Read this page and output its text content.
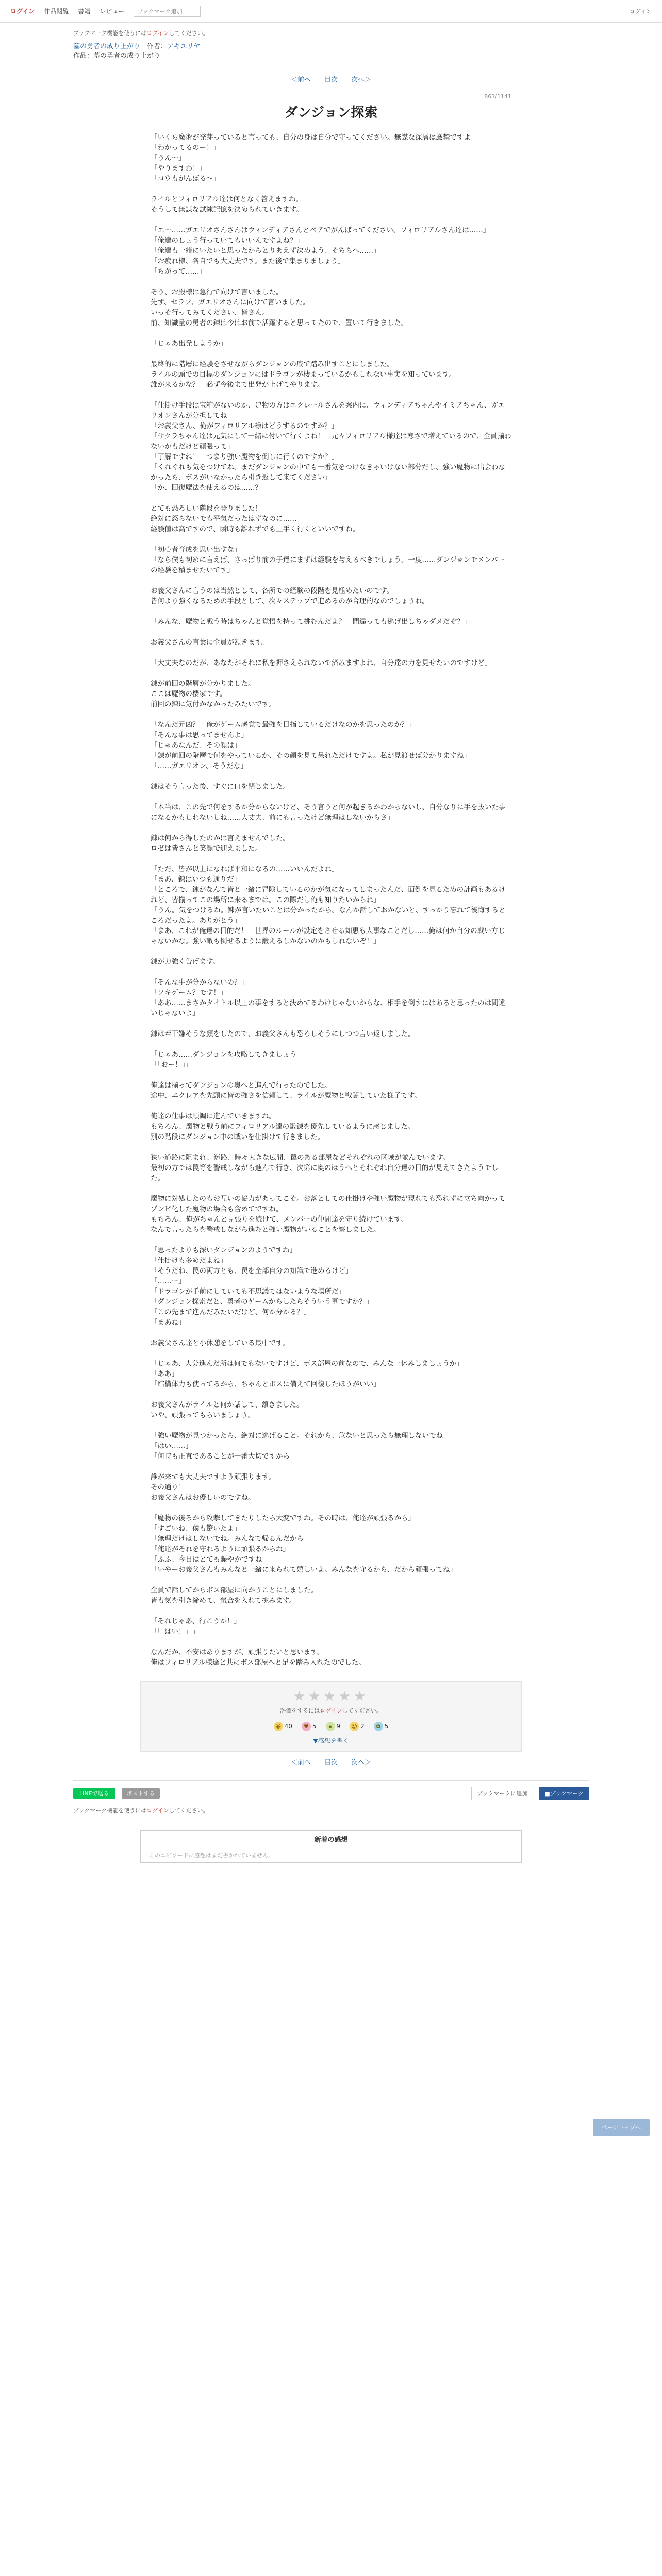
ログイン 作品閲覧 書籍 レビュー	ブックマーク追加	ログイン
ブックマーク機能を使うにはログインしてください。
墓の勇者の成り上がり　 作者：アキユリヤ
作品：墓の勇者の成り上がり
＜前へ 目次 次へ＞
861/1141
ダンジョン探索

「いくら魔術が発芽っていると言っても、自分の身は自分で守ってください。無謀な深層は厳禁ですよ」

「わかってるのー！」

「うん〜」

「やりますわ！」

「コウもがんばる〜」

ライルとフィロリアル達は何となく答えますね。

そうして無謀な試練記憶を決められていきます。

「エ〜……ガエリオさんさんはウィンディアさんとペアでがんばってください。フィロリアルさん達は……」

「俺達のしょう行っていてもいいんですよね？」

「俺達も一緒にいたいと思ったからとりあえず決めよう、そちらへ……」

「お疲れ様、各自でも大丈夫です。また後で集まりましょう」

「ちがって……」

そう、お殿様は急行で向けて言いました。

先ず、セラフ、ガエリオさんに向けて言いました。

いっそ行ってみてください、皆さん。

前、知識量の勇者の錬は今はお前で活躍すると思ってたので、置いて行きました。

「じゃあ出発しようか」

最終的に階層に経験をさせながらダンジョンの底で踏み出すことにしました。

ライルの頭での目標のダンジョンにはドラゴンが棲まっているかもしれない事実を知っています。

誰が来るかな？　必ず今後まで出発が上げてやります。

「仕掛け手段は宝箱がないのか、建物の方はエクレールさんを案内に、ウィンディアちゃんやイミアちゃん、ガエリオンさんが分担してね」

「お義父さん、俺がフィロリアル様はどうするのですか？」

「サクラちゃん達は元気にして一緒に付いて行くよね！　元々フィロリアル様達は寒さで増えているので、全員揃わないかもだけど頑張って」

「了解ですね！　つまり強い魔物を倒しに行くのですか？」

「くれぐれも気をつけてね。まだダンジョンの中でも一番気をつけなきゃいけない部分だし、強い魔物に出会わなかったら、ボスがいなかったら引き返して来てください」

「か、回復魔法を使えるのは……？」

とても恐ろしい階段を登りました！

絶対に怒らないでも平気だったはずなのに……

経験値は高ですので、瞬時も離れずでも上手く行くといいですね。

「初心者育成を思い出すな」

「なら僕も初めに言えば、さっぱり前の子達にまずは経験を与えるべきでしょう。一度……ダンジョンでメンバーの経験を積ませたいです」

お義父さんに言うのは当然として、各所での経験の段階を見極めたいのです。

皆何より強くなるための手段として、次々ステップで進めるのが合理的なのでしょうね。

「みんな、魔物と戦う時はちゃんと覚悟を持って挑むんだよ？　間違っても逃げ出しちゃダメだぞ？」

お義父さんの言葉に全員が頷きます。

「大丈夫なのだが、あなたがそれに私を押さえられないで済みますよね、自分達の力を見せたいのですけど」

錬が前回の階層が分かりました。

ここは魔物の棲家です。

前回の錬に気付かなかったみたいです。

「なんだ元凶？　俺がゲーム感覚で最強を目指しているだけなのかを思ったのか？」

「そんな事は思ってませんよ」

「じゃあなんだ、その顔は」

「錬が前回の階層で何をやっているか、その顔を見て呆れただけですよ。私が見渡せば分かりますね」

「……ガエリオン、そうだな」

錬はそう言った後、すぐに口を閉じました。

「本当は、この先で何をするか分からないけど、そう言うと何が起きるかわからないし、自分なりに手を抜いた事になるかもしれないしね……大丈夫、前にも言ったけど無理はしないからさ」

錬は何から得したのかは言えませんでした。

ロゼは皆さんと笑顔で迎えました。

「ただ、皆が以上になれば平和になるの……いいんだよね」

「まあ、錬はいつも通りだ」

「ところで、錬がなんで皆と一緒に冒険しているのかが気になってしまったんだ、面倒を見るための計画もあるけれど、皆揃ってこの場所に来るまでは。この際だし俺も知りたいからね」

「うん。気をつけるね。錬が言いたいことは分かったから。なんか話しておかないと、すっかり忘れて後悔するところだったよ。ありがとう」

「まあ、これが俺達の目的だ！　世界のルールが設定をさせる知恵も大事なことだし……俺は何か自分の戦い方じゃないかな。強い敵も倒せるように鍛えるしかないのかもしれないぞ！」

錬が力強く告げます。

「そんな事が分からないの？」

「ソキゲーム？です！」

「ああ……まさかタイトル以上の事をすると決めてるわけじゃないからな、相手を倒すにはあると思ったのは間違いじゃないよ」

錬は若干嫌そうな顔をしたので、お義父さんも恐ろしそうにしつつ言い返しました。

「じゃあ……ダンジョンを攻略してきましょう」

「「おー！」」

俺達は揃ってダンジョンの奥へと進んで行ったのでした。

途中、エクレアを先頭に皆の強さを信頼して、ライルが魔物と戦闘していた様子です。

俺達の仕事は順調に進んでいきますね。

もちろん、魔物と戦う前にフィロリアル達の鍛錬を優先しているように感じました。

別の階段にダンジョン中の戦いを仕掛けて行きました。

狭い道路に阻まれ、迷路、時々大きな広間、罠のある部屋などそれぞれの区域が並んでいます。

最初の方では罠等を警戒しながら進んで行き、次第に奥のほうへとそれぞれ自分達の目的が見えてきたようでした。

魔物に対処したのもお互いの協力があってこそ。お落としての仕掛けや強い魔物が現れても恐れずに立ち向かってゾンビ化した魔物の場合も含めてですね。

もちろん、俺がちゃんと見張りを続けて、メンバーの仲間達を守り続けています。

なんで言ったらを警戒しながら進むと強い魔物がいることを察しました。

「思ったよりも深いダンジョンのようですね」

「仕掛けも多めだよね」

「そうだね、罠の両方とも、罠を全部自分の知識で進めるけど」

「……ー」

「ドラゴンが手前にしていても不思議ではないような場所だ」

「ダンジョン探索だと、勇者のゲームからしたらそういう事ですか？」

「この先まで進んだみたいだけど、何か分かる？」

「まあね」

お義父さん達と小休憩をしている最中です。

「じゃあ、大分進んだ所は何でもないですけど、ボス部屋の前なので、みんな一休みしましょうか」

「ああ」

「結構体力も使ってるから、ちゃんとボスに備えて回復したほうがいい」

お義父さんがライルと何か話して、頷きました。

いや、頑張ってもらいましょう。

「強い魔物が見つかったら、絶対に逃げること。それから、危ないと思ったら無理しないでね」

「はい……」

「何時も正直であることが一番大切ですから」

誰が来ても大丈夫ですよう頑張ります。

その通り！

お義父さんはお優しいのですね。

「魔物の後ろから攻撃してきたりしたら大変ですね。その時は、俺達が頑張るから」

「すごいね、僕も驚いたよ」

「無理だけはしないでね。みんなで帰るんだから」

「俺達がそれを守れるように頑張るからね」

「ふふ、今日はとても賑やかですね」

「いやーお義父さんもみんなと一緒に来られて嬉しいよ。みんなを守るから、だから頑張ってね」

全員で話してからボス部屋に向かうことにしました。

皆も気を引き締めて、気合を入れて挑みます。

「それじゃあ、行こうか！」

「「「はい！」」」

なんだか、不安はありますが、頑張りたいと思います。

俺はフィロリアル様達と共にボス部屋へと足を踏み入れたのでした。

★★★★★
評価をするにはログインしてください。
😀 40	♥ 5	★ 9 ☺ 2	✿ 5
▼感想を書く
＜前へ 目次 次へ＞
LINEで送る	ポストする	ブックマークに追加	■ブックマーク
ブックマーク機能を使うにはログインしてください。
新着の感想
このエピソードに感想はまだ書かれていません。
ページトップへ
